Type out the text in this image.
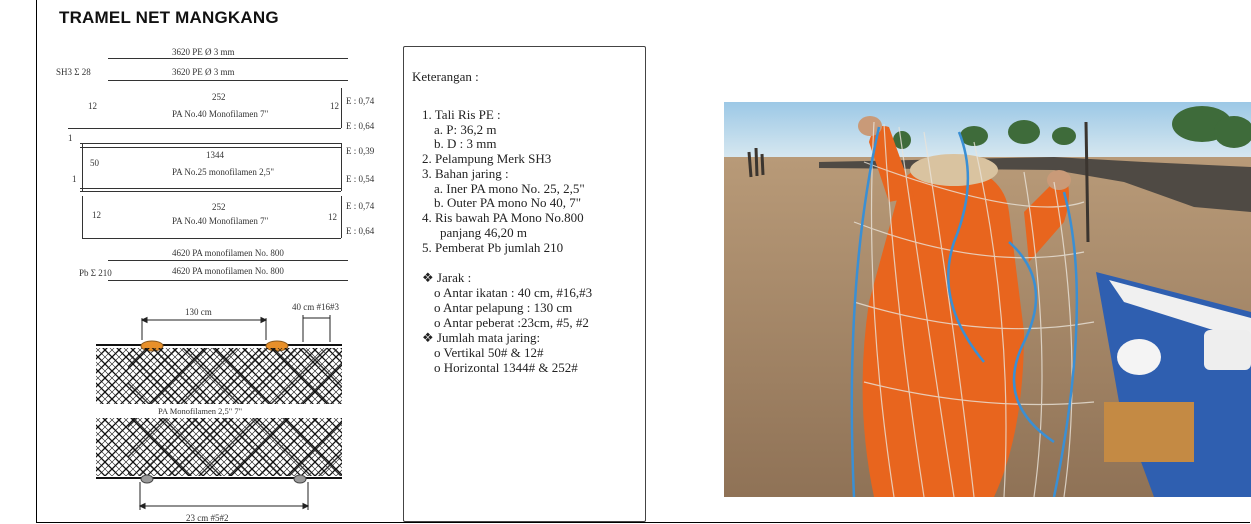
TRAMEL NET MANGKANG
3620 PE Ø 3 mm
SH3 Σ 28	3620 PE Ø 3 mm
12
252
PA No.40 Monofilamen 7"
12 E : 0,74
E : 0,64
1
50
1344
PA No.25 monofilamen 2,5"
E : 0,39
E : 0,54
1
12
252
PA No.40 Monofilamen 7"	12
E : 0,74
E : 0,64
4620 PA monofilamen No. 800
Pb Σ 210	4620 PA monofilamen No. 800
130 cm	40 cm #16#3
PA Monofilamen 2,5" 7"
23 cm #5#2
Keterangan :
1. Tali Ris PE :
a. P: 36,2 m
b. D : 3 mm
2. Pelampung Merk SH3
3. Bahan jaring :
a. Iner PA mono No. 25, 2,5"
b. Outer PA mono No 40, 7"
4. Ris bawah PA Mono No.800
panjang 46,20 m
5. Pemberat Pb jumlah 210
❖ Jarak :
o Antar ikatan : 40 cm, #16,#3
o Antar pelapung : 130 cm
o Antar peberat :23cm, #5, #2
❖ Jumlah mata jaring:
o Vertikal 50# & 12#
o Horizontal 1344# & 252#
